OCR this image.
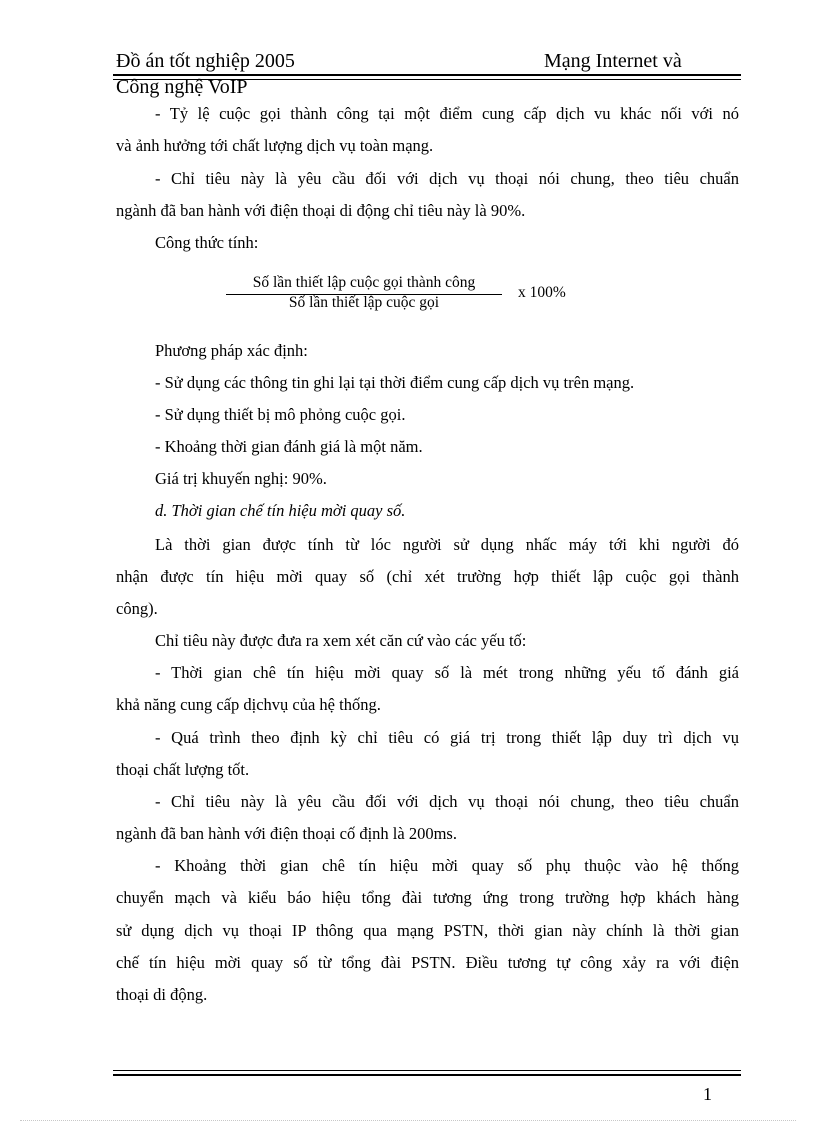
Đồ án tốt nghiệp 2005	Mạng Internet và
Công nghệ VoIP
- Tỷ lệ cuộc gọi thành công tại một điểm cung cấp dịch vu khác nối với nó
và ảnh hưởng tới chất lượng dịch vụ toàn mạng.
- Chỉ tiêu này là yêu cầu đối với dịch vụ thoại nói chung, theo tiêu chuẩn
ngành đã ban hành với điện thoại di động chỉ tiêu này là 90%.
Công thức tính:
Số lần thiết lập cuộc gọi thành công
Số lần thiết lập cuộc gọi
x 100%
Phương pháp xác định:
- Sử dụng các thông tin ghi lại tại thời điểm cung cấp dịch vụ trên mạng.
- Sử dụng thiết bị mô phỏng cuộc gọi.
- Khoảng thời gian đánh giá là một năm.
Giá trị khuyến nghị: 90%.
d. Thời gian chế tín hiệu mời quay số.
Là thời gian được tính từ lóc người sử dụng nhấc máy tới khi người đó
nhận được tín hiệu mời quay số (chỉ xét trường hợp thiết lập cuộc gọi thành
công).
Chỉ tiêu này được đưa ra xem xét căn cứ vào các yếu tố:
- Thời gian chê tín hiệu mời quay số là mét trong những yếu tố đánh giá
khả năng cung cấp dịchvụ của hệ thống.
- Quá trình theo định kỳ chỉ tiêu có giá trị trong thiết lập duy trì dịch vụ
thoại chất lượng tốt.
- Chỉ tiêu này là yêu cầu đối với dịch vụ thoại nói chung, theo tiêu chuẩn
ngành đã ban hành với điện thoại cố định là 200ms.
- Khoảng thời gian chê tín hiệu mời quay số phụ thuộc vào hệ thống
chuyển mạch và kiểu báo hiệu tổng đài tương ứng trong trường hợp khách hàng
sử dụng dịch vụ thoại IP thông qua mạng PSTN, thời gian này chính là thời gian
chế tín hiệu mời quay số từ tổng đài PSTN. Điều tương tự công xảy ra với điện
thoại di động.
1
